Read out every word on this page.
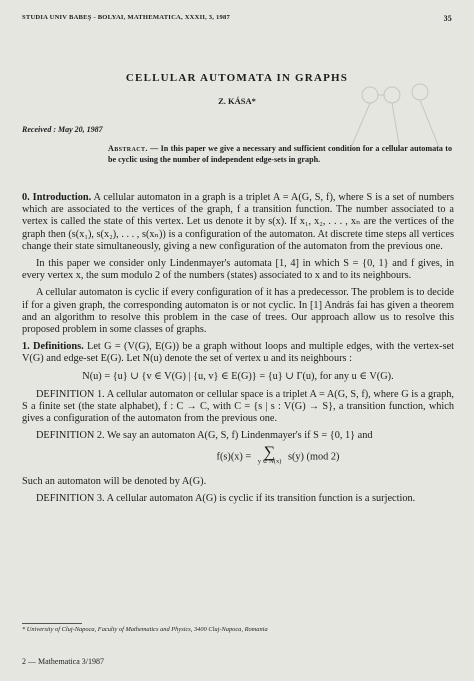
STUDIA UNIV BABEŞ - BOLYAI, MATHEMATICA, XXXII, 3, 1987	35
CELLULAR AUTOMATA IN GRAPHS
Z. KÁSA*
Received : May 20, 1987
Abstract. — In this paper we give a necessary and sufficient condition for a cellular automata to be cyclic using the number of independent edge-sets in graph.

0. Introduction. A cellular automaton in a graph is a triplet A = A(G, S, f), where S is a set of numbers which are associated to the vertices of the graph, f a transition function. The number associated to a vertex is called the state of this vertex. Let us denote it by s(x). If x₁, x₂, . . . , xₙ are the vertices of the graph then (s(x₁), s(x₂), . . . , s(xₙ)) is a configuration of the automaton. At discrete time steps all vertices change their state simultaneously, giving a new configuration of the automaton from the previous one.

In this paper we consider only Lindenmayer's automata [1, 4] in which S = {0, 1} and f gives, in every vertex x, the sum modulo 2 of the numbers (states) associated to x and to its neighbours.

A cellular automaton is cyclic if every configuration of it has a predecessor. The problem is to decide if for a given graph, the corresponding automaton is or not cyclic. In [1] András fai has given a theorem and an algorithm to resolve this problem in the case of trees. Our approach allow us to resolve this proposed problem in some classes of graphs.

1. Definitions. Let G = (V(G), E(G)) be a graph without loops and multiple edges, with the vertex-set V(G) and edge-set E(G). Let N(u) denote the set of vertex u and its neighbours :

N(u) = {u} ∪ {v ∈ V(G) | {u, v} ∈ E(G)} = {u} ∪ Γ(u), for any u ∈ V(G).

DEFINITION 1. A cellular automaton or cellular space is a triplet A = A(G, S, f), where G is a graph, S a finite set (the state alphabet), f : C → C, with C = {s | s : V(G) → S}, a transition function, which gives a configuration of the automaton from the previous one.

DEFINITION 2. We say an automaton A(G, S, f) Lindenmayer's if S = {0, 1} and

f(s)(x) = ∑
y ∈ N(x) s(y) (mod 2)

Such an automaton will be denoted by A(G).

DEFINITION 3. A cellular automaton A(G) is cyclic if its transition function is a surjection.

* University of Cluj-Napoca, Faculty of Mathematics and Physics, 3400 Cluj-Napoca, Romania
2 — Mathematica 3/1987
